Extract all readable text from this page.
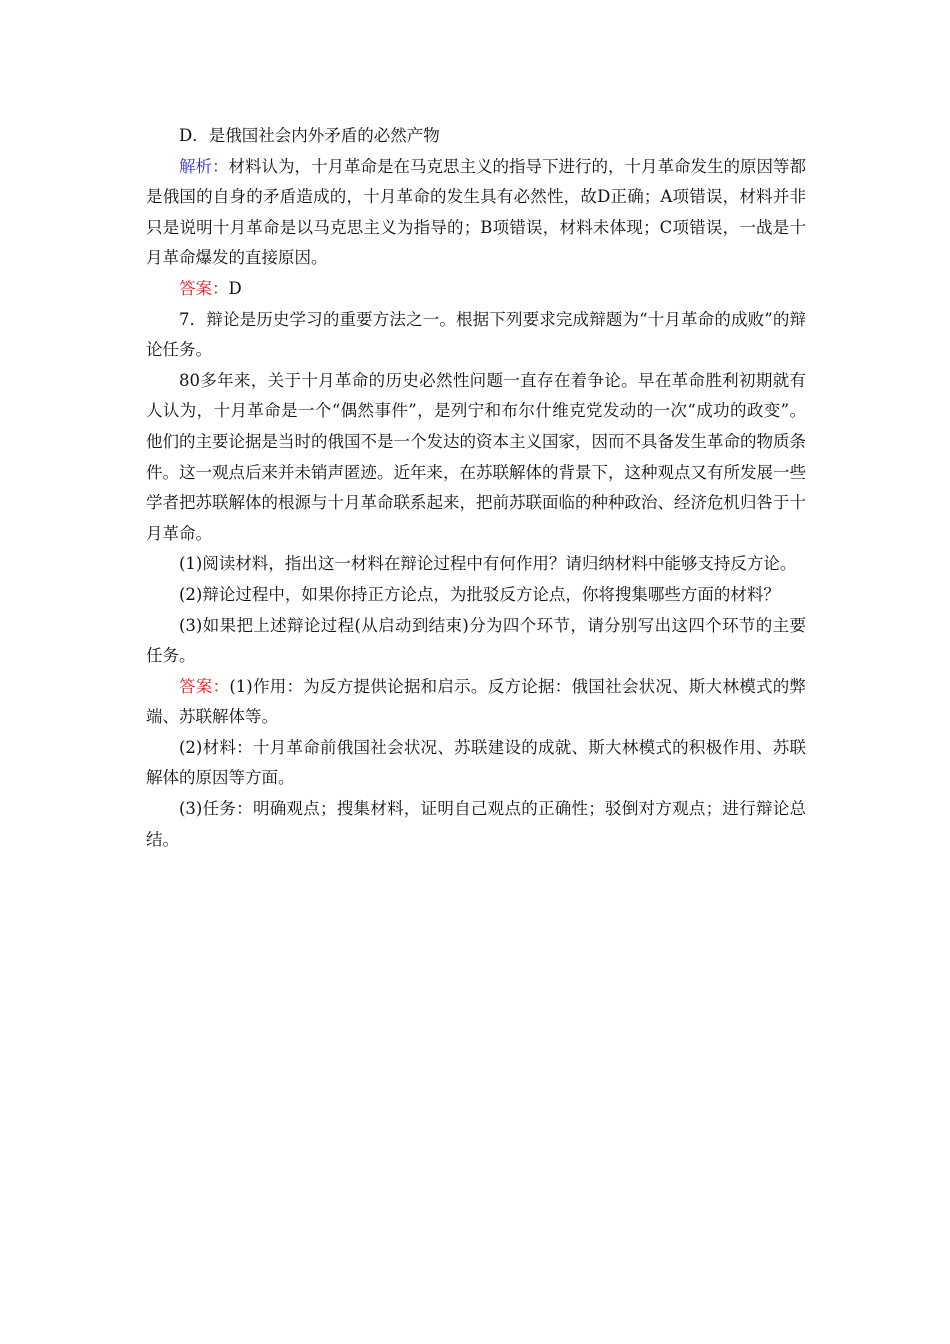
D．是俄国社会内外矛盾的必然产物

解析：材料认为，十月革命是在马克思主义的指导下进行的，十月革命发生的原因等都是俄国的自身的矛盾造成的，十月革命的发生具有必然性，故D正确；A项错误，材料并非只是说明十月革命是以马克思主义为指导的；B项错误，材料未体现；C项错误，一战是十月革命爆发的直接原因。

答案：D

7．辩论是历史学习的重要方法之一。根据下列要求完成辩题为“十月革命的成败”的辩论任务。

80多年来，关于十月革命的历史必然性问题一直存在着争论。早在革命胜利初期就有人认为，十月革命是一个“偶然事件”，是列宁和布尔什维克党发动的一次“成功的政变”。他们的主要论据是当时的俄国不是一个发达的资本主义国家，因而不具备发生革命的物质条件。这一观点后来并未销声匿迹。近年来，在苏联解体的背景下，这种观点又有所发展一些学者把苏联解体的根源与十月革命联系起来，把前苏联面临的种种政治、经济危机归咎于十月革命。

(1)阅读材料，指出这一材料在辩论过程中有何作用？请归纳材料中能够支持反方论。

(2)辩论过程中，如果你持正方论点，为批驳反方论点，你将搜集哪些方面的材料？

(3)如果把上述辩论过程(从启动到结束)分为四个环节，请分别写出这四个环节的主要任务。

答案：(1)作用：为反方提供论据和启示。反方论据：俄国社会状况、斯大林模式的弊端、苏联解体等。

(2)材料：十月革命前俄国社会状况、苏联建设的成就、斯大林模式的积极作用、苏联解体的原因等方面。

(3)任务：明确观点；搜集材料，证明自己观点的正确性；驳倒对方观点；进行辩论总结。
